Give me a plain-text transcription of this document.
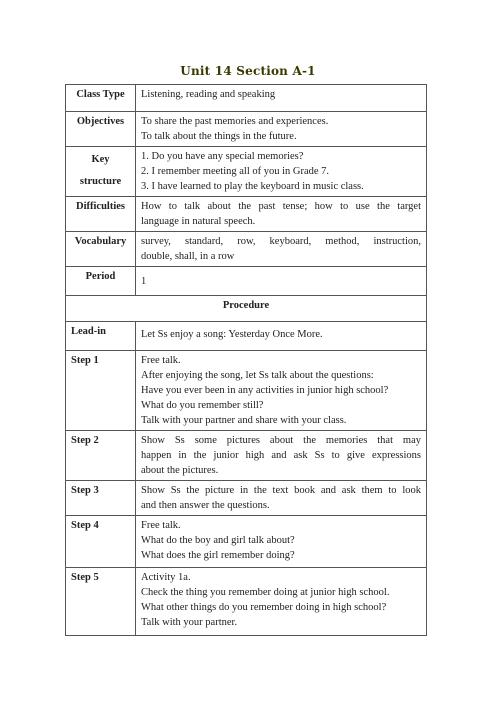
Unit 14 Section A-1
Class Type	Listening, reading and speaking

Objectives	To share the past memories and experiences.
To talk about the things in the future.

Key
structure	1. Do you have any special memories?
2. I remember meeting all of you in Grade 7.
3. I have learned to play the keyboard in music class.

Difficulties	How to talk about the past tense; how to use the target
language in natural speech.

Vocabulary	survey, standard, row, keyboard, method, instruction,
double, shall, in a row

Period	1

Procedure	
Lead-in	Let Ss enjoy a song: Yesterday Once More.

Step 1	Free talk.
After enjoying the song, let Ss talk about the questions:
Have you ever been in any activities in junior high school?
What do you remember still?
Talk with your partner and share with your class.

Step 2	Show Ss some pictures about the memories that may
happen in the junior high and ask Ss to give expressions
about the pictures.

Step 3	Show Ss the picture in the text book and ask them to look
and then answer the questions.

Step 4	Free talk.
What do the boy and girl talk about?
What does the girl remember doing?

Step 5	Activity 1a.
Check the thing you remember doing at junior high school.
What other things do you remember doing in high school?
Talk with your partner.
